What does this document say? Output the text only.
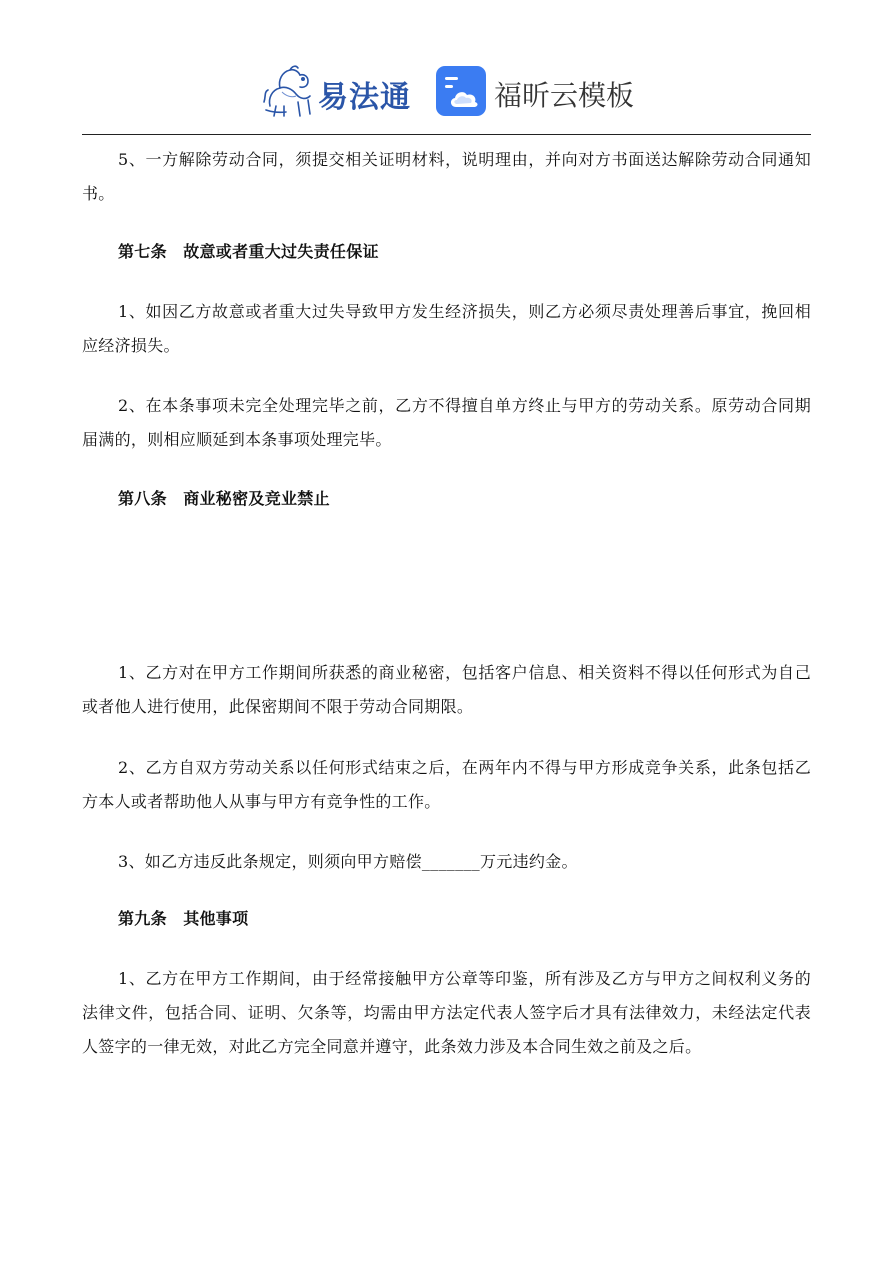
易法通	福昕云模板

5、一方解除劳动合同，须提交相关证明材料，说明理由，并向对方书面送达解除劳动合同通知书。

第七条　故意或者重大过失责任保证

1、如因乙方故意或者重大过失导致甲方发生经济损失，则乙方必须尽责处理善后事宜，挽回相应经济损失。

2、在本条事项未完全处理完毕之前，乙方不得擅自单方终止与甲方的劳动关系。原劳动合同期届满的，则相应顺延到本条事项处理完毕。

第八条　商业秘密及竞业禁止

1、乙方对在甲方工作期间所获悉的商业秘密，包括客户信息、相关资料不得以任何形式为自己或者他人进行使用，此保密期间不限于劳动合同期限。

2、乙方自双方劳动关系以任何形式结束之后，在两年内不得与甲方形成竞争关系，此条包括乙方本人或者帮助他人从事与甲方有竞争性的工作。

3、如乙方违反此条规定，则须向甲方赔偿_______万元违约金。

第九条　其他事项

1、乙方在甲方工作期间，由于经常接触甲方公章等印鉴，所有涉及乙方与甲方之间权利义务的法律文件，包括合同、证明、欠条等，均需由甲方法定代表人签字后才具有法律效力，未经法定代表人签字的一律无效，对此乙方完全同意并遵守，此条效力涉及本合同生效之前及之后。
